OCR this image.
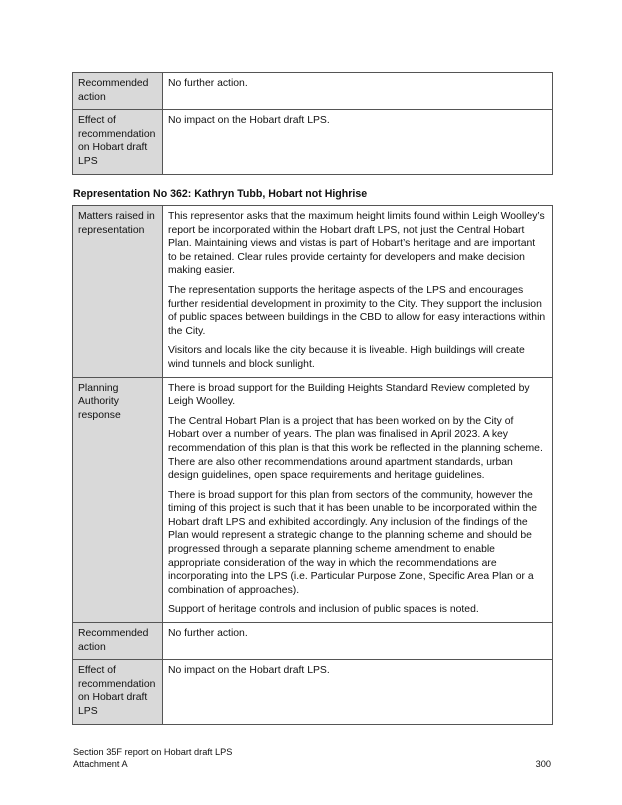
Recommended action	No further action.

Effect of recommendation on Hobart draft LPS	No impact on the Hobart draft LPS.

Representation No 362: Kathryn Tubb, Hobart not Highrise

Matters raised in representation	This representor asks that the maximum height limits found within Leigh Woolley’s report be incorporated within the Hobart draft LPS, not just the Central Hobart Plan. Maintaining views and vistas is part of Hobart’s heritage and are important to be retained. Clear rules provide certainty for developers and make decision making easier.

The representation supports the heritage aspects of the LPS and encourages further residential development in proximity to the City. They support the inclusion of public spaces between buildings in the CBD to allow for easy interactions within the City.

Visitors and locals like the city because it is liveable. High buildings will create wind tunnels and block sunlight.

Planning Authority response	There is broad support for the Building Heights Standard Review completed by Leigh Woolley.

The Central Hobart Plan is a project that has been worked on by the City of Hobart over a number of years. The plan was finalised in April 2023. A key recommendation of this plan is that this work be reflected in the planning scheme. There are also other recommendations around apartment standards, urban design guidelines, open space requirements and heritage guidelines.

There is broad support for this plan from sectors of the community, however the timing of this project is such that it has been unable to be incorporated within the Hobart draft LPS and exhibited accordingly. Any inclusion of the findings of the Plan would represent a strategic change to the planning scheme and should be progressed through a separate planning scheme amendment to enable appropriate consideration of the way in which the recommendations are incorporating into the LPS (i.e. Particular Purpose Zone, Specific Area Plan or a combination of approaches).

Support of heritage controls and inclusion of public spaces is noted.

Recommended action	No further action.

Effect of recommendation on Hobart draft LPS	No impact on the Hobart draft LPS.

Section 35F report on Hobart draft LPS
Attachment A	300
